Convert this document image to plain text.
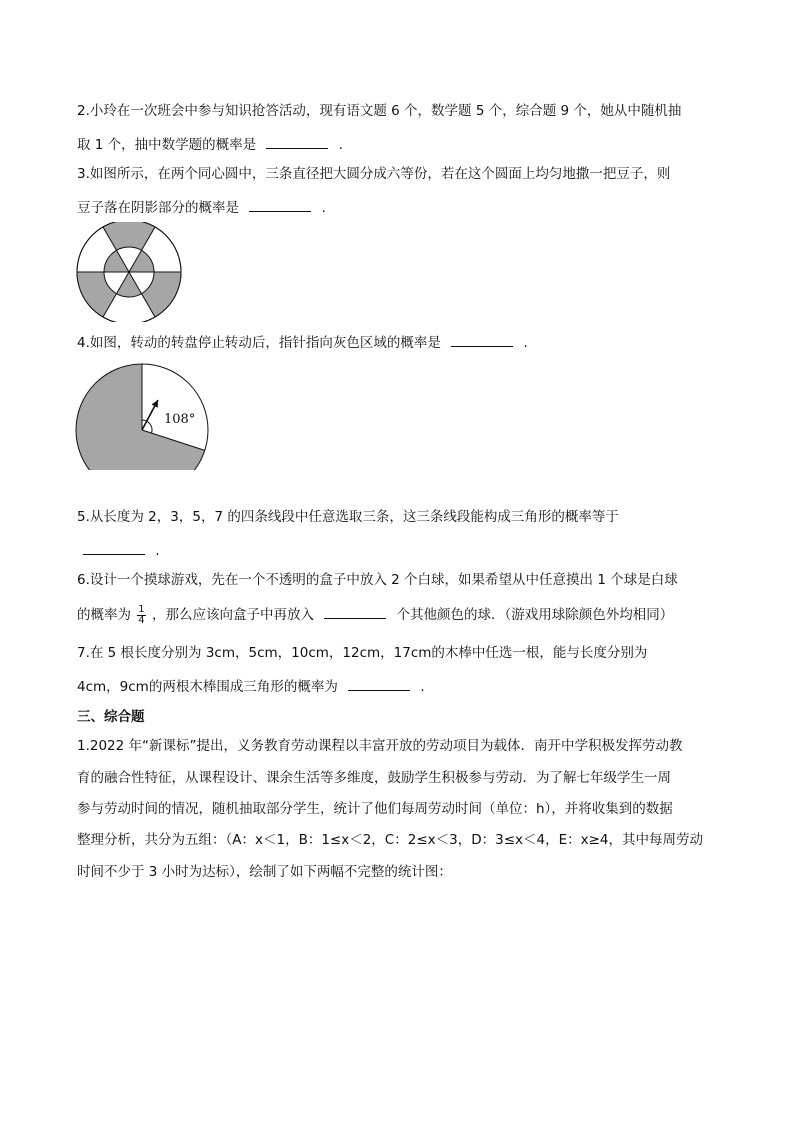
2.小玲在一次班会中参与知识抢答活动，现有语文题 6 个，数学题 5 个，综合题 9 个，她从中随机抽
取 1 个，抽中数学题的概率是	.
3.如图所示，在两个同心圆中，三条直径把大圆分成六等份，若在这个圆面上均匀地撒一把豆子，则
豆子落在阴影部分的概率是	.
4.如图，转动的转盘停止转动后，指针指向灰色区域的概率是	.
108°
5.从长度为 2，3，5，7 的四条线段中任意选取三条，这三条线段能构成三角形的概率等于
.
6.设计一个摸球游戏，先在一个不透明的盒子中放入 2 个白球，如果希望从中任意摸出 1 个球是白球
的概率为 $\frac{1}{4}$ ，那么应该向盒子中再放入	个其他颜色的球．（游戏用球除颜色外均相同）
7.在 5 根长度分别为 3cm，5cm，10cm，12cm，17cm的木棒中任选一根，能与长度分别为
4cm，9cm的两根木棒围成三角形的概率为	.
三、综合题
1.2022 年“新课标”提出，义务教育劳动课程以丰富开放的劳动项目为载体．南开中学积极发挥劳动教
育的融合性特征，从课程设计、课余生活等多维度，鼓励学生积极参与劳动．为了解七年级学生一周
参与劳动时间的情况，随机抽取部分学生，统计了他们每周劳动时间（单位：h），并将收集到的数据
整理分析，共分为五组：（A：x＜1，B：1≤x＜2，C：2≤x＜3，D：3≤x＜4，E：x≥4，其中每周劳动
时间不少于 3 小时为达标），绘制了如下两幅不完整的统计图：
